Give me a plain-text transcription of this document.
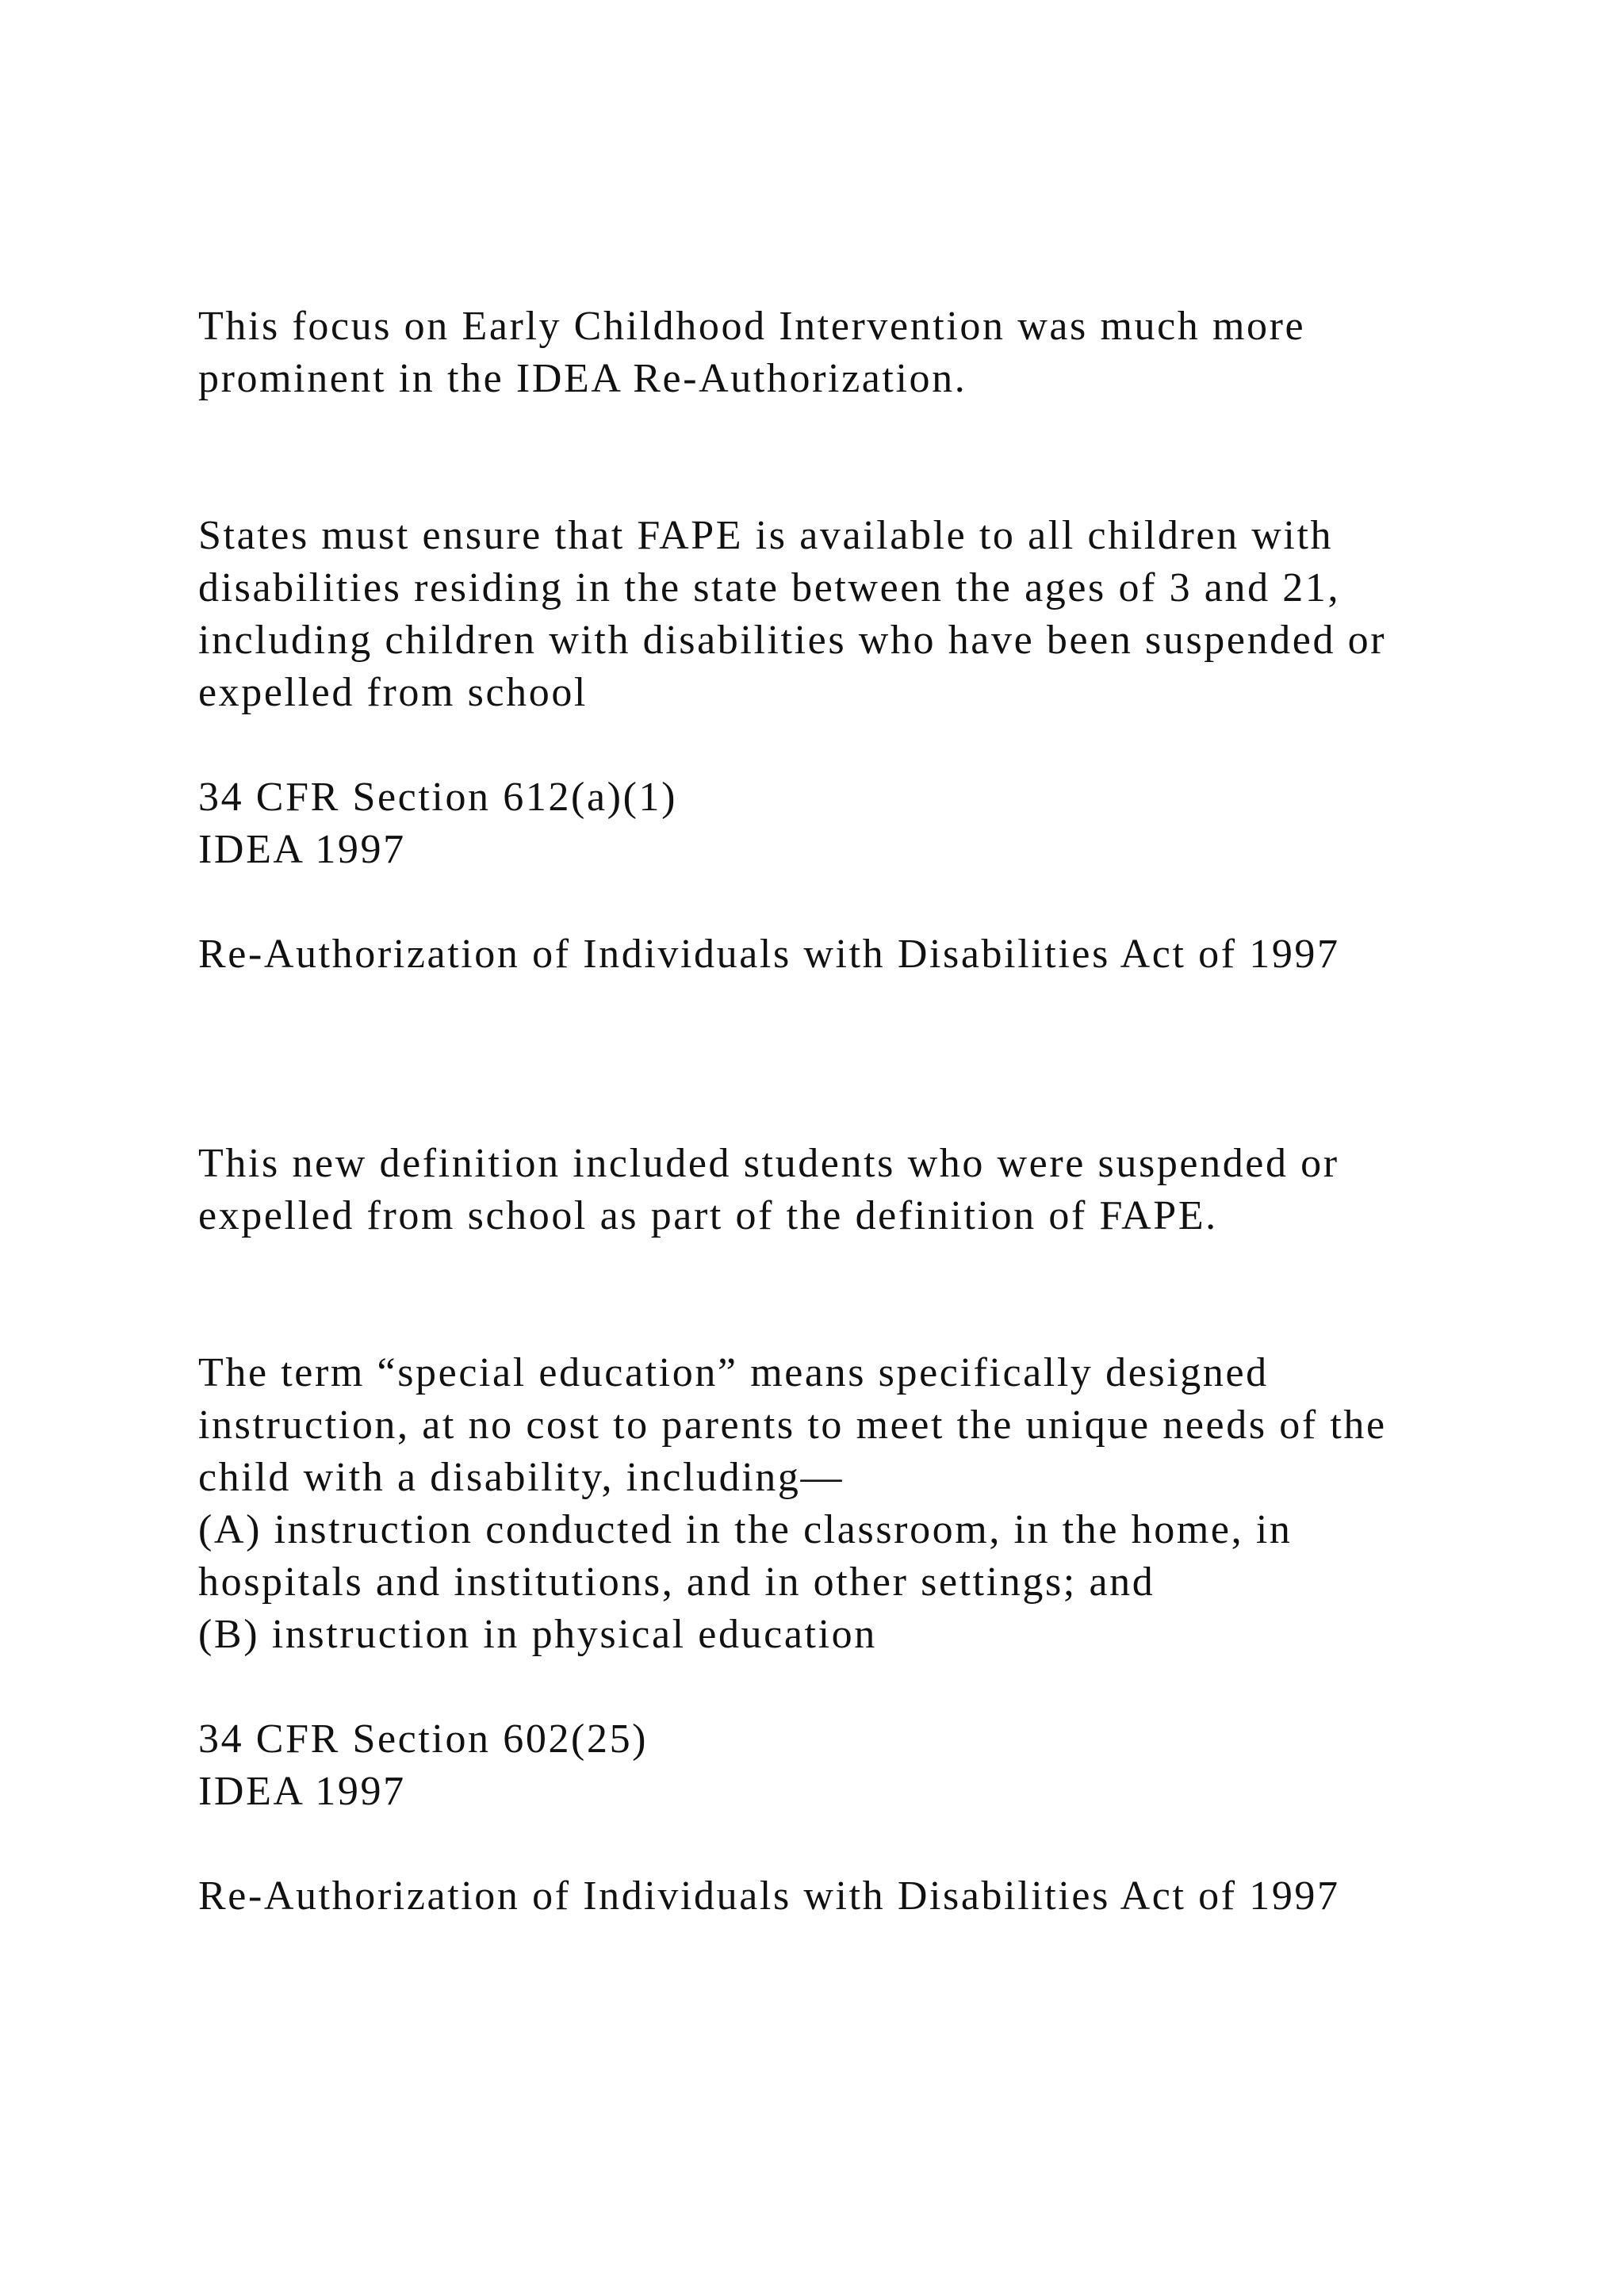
This focus on Early Childhood Intervention was much more

prominent in the IDEA Re-Authorization.

States must ensure that FAPE is available to all children with

disabilities residing in the state between the ages of 3 and 21,

including children with disabilities who have been suspended or

expelled from school

34 CFR Section 612(a)(1)

IDEA 1997

Re-Authorization of Individuals with Disabilities Act of 1997

This new definition included students who were suspended or

expelled from school as part of the definition of FAPE.

The term “special education” means specifically designed

instruction, at no cost to parents to meet the unique needs of the

child with a disability, including—

(A) instruction conducted in the classroom, in the home, in

hospitals and institutions, and in other settings; and

(B) instruction in physical education

34 CFR Section 602(25)

IDEA 1997

Re-Authorization of Individuals with Disabilities Act of 1997
